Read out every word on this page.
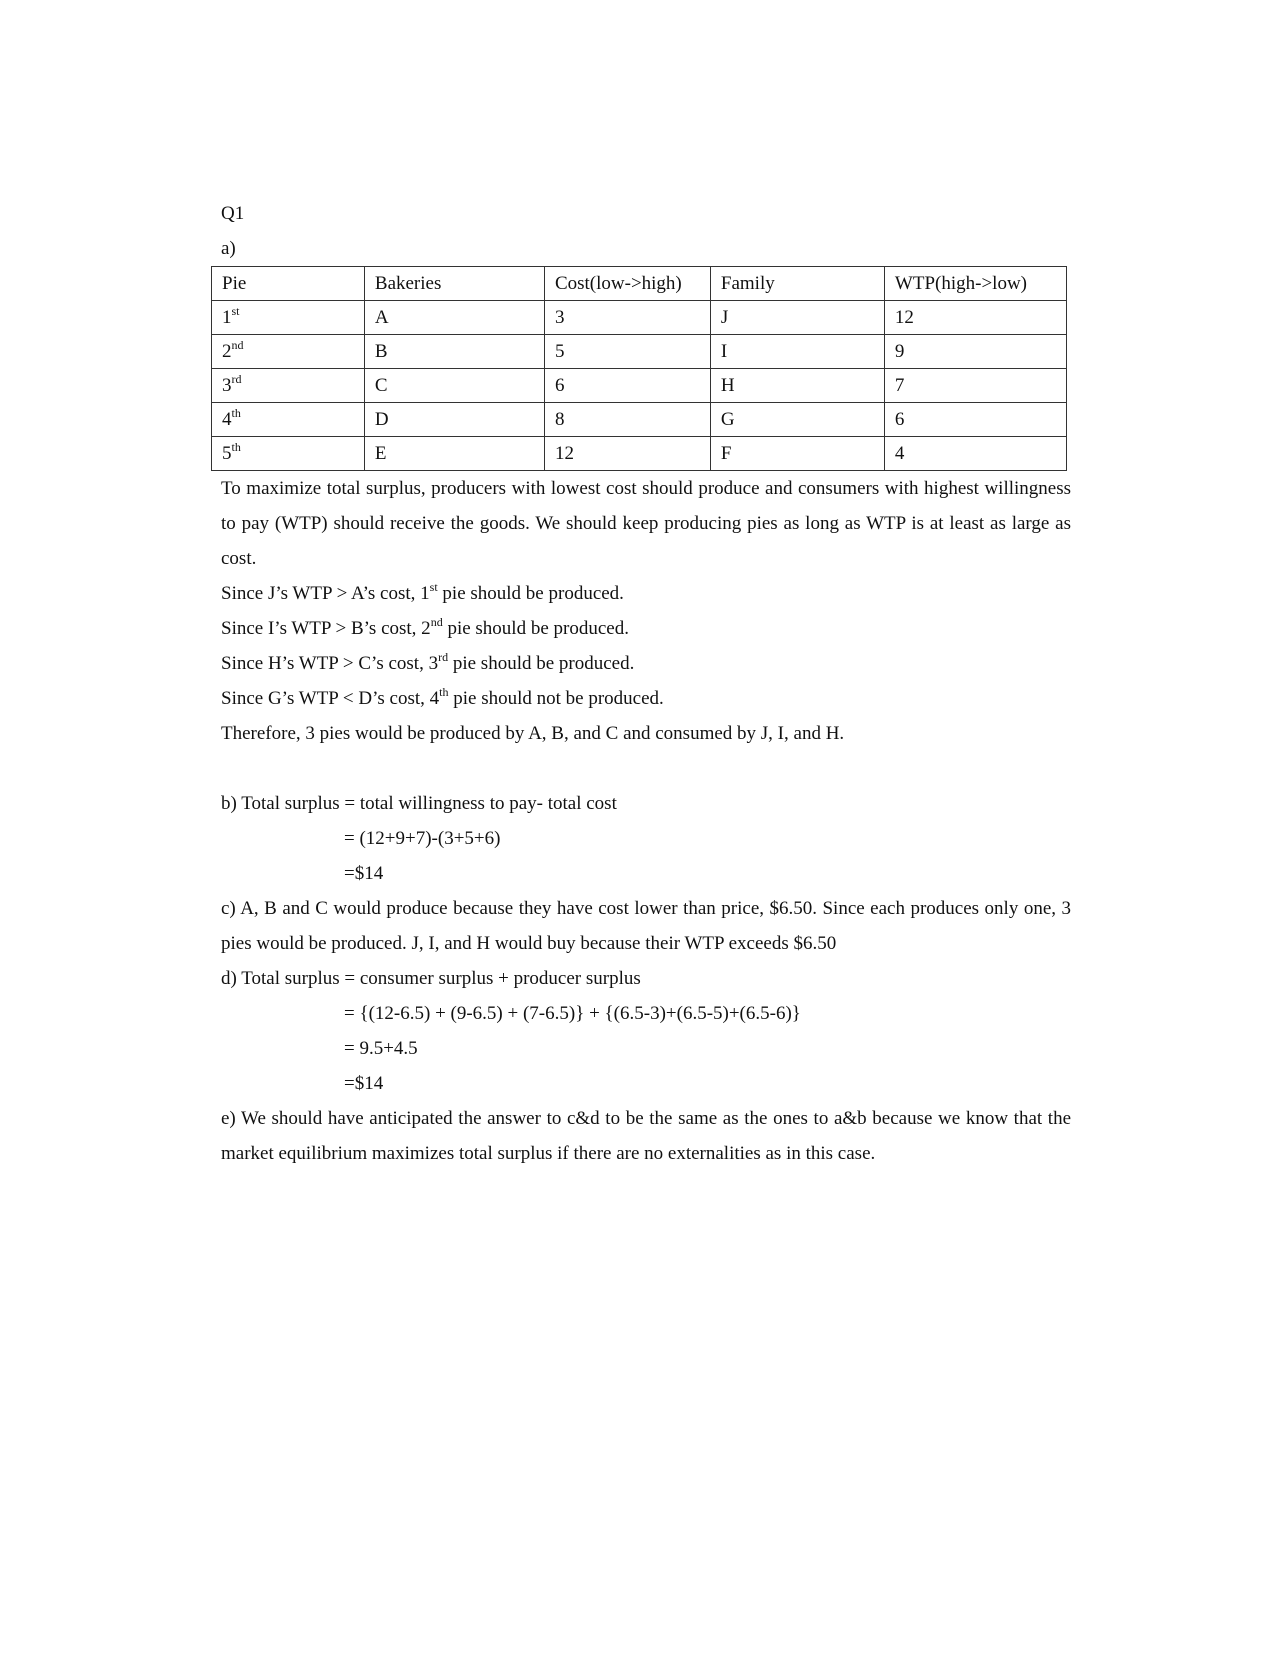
Q1
a)
Pie	Bakeries	Cost(low->high)	Family	WTP(high->low)
1st	A	3	J	12
2nd	B	5	I	9
3rd	C	6	H	7
4th	D	8	G	6
5th	E	12	F	4
To maximize total surplus, producers with lowest cost should produce and consumers with highest willingness to pay (WTP) should receive the goods. We should keep producing pies as long as WTP is at least as large as cost.
Since J’s WTP > A’s cost, 1st pie should be produced.
Since I’s WTP > B’s cost, 2nd pie should be produced.
Since H’s WTP > C’s cost, 3rd pie should be produced.
Since G’s WTP < D’s cost, 4th pie should not be produced.
Therefore, 3 pies would be produced by A, B, and C and consumed by J, I, and H.
b) Total surplus = total willingness to pay- total cost
= (12+9+7)-(3+5+6)
=$14
c) A, B and C would produce because they have cost lower than price, $6.50. Since each produces only one, 3 pies would be produced. J, I, and H would buy because their WTP exceeds $6.50
d) Total surplus = consumer surplus + producer surplus
= {(12-6.5) + (9-6.5) + (7-6.5)} + {(6.5-3)+(6.5-5)+(6.5-6)}
= 9.5+4.5
=$14
e) We should have anticipated the answer to c&d to be the same as the ones to a&b because we know that the market equilibrium maximizes total surplus if there are no externalities as in this case.
